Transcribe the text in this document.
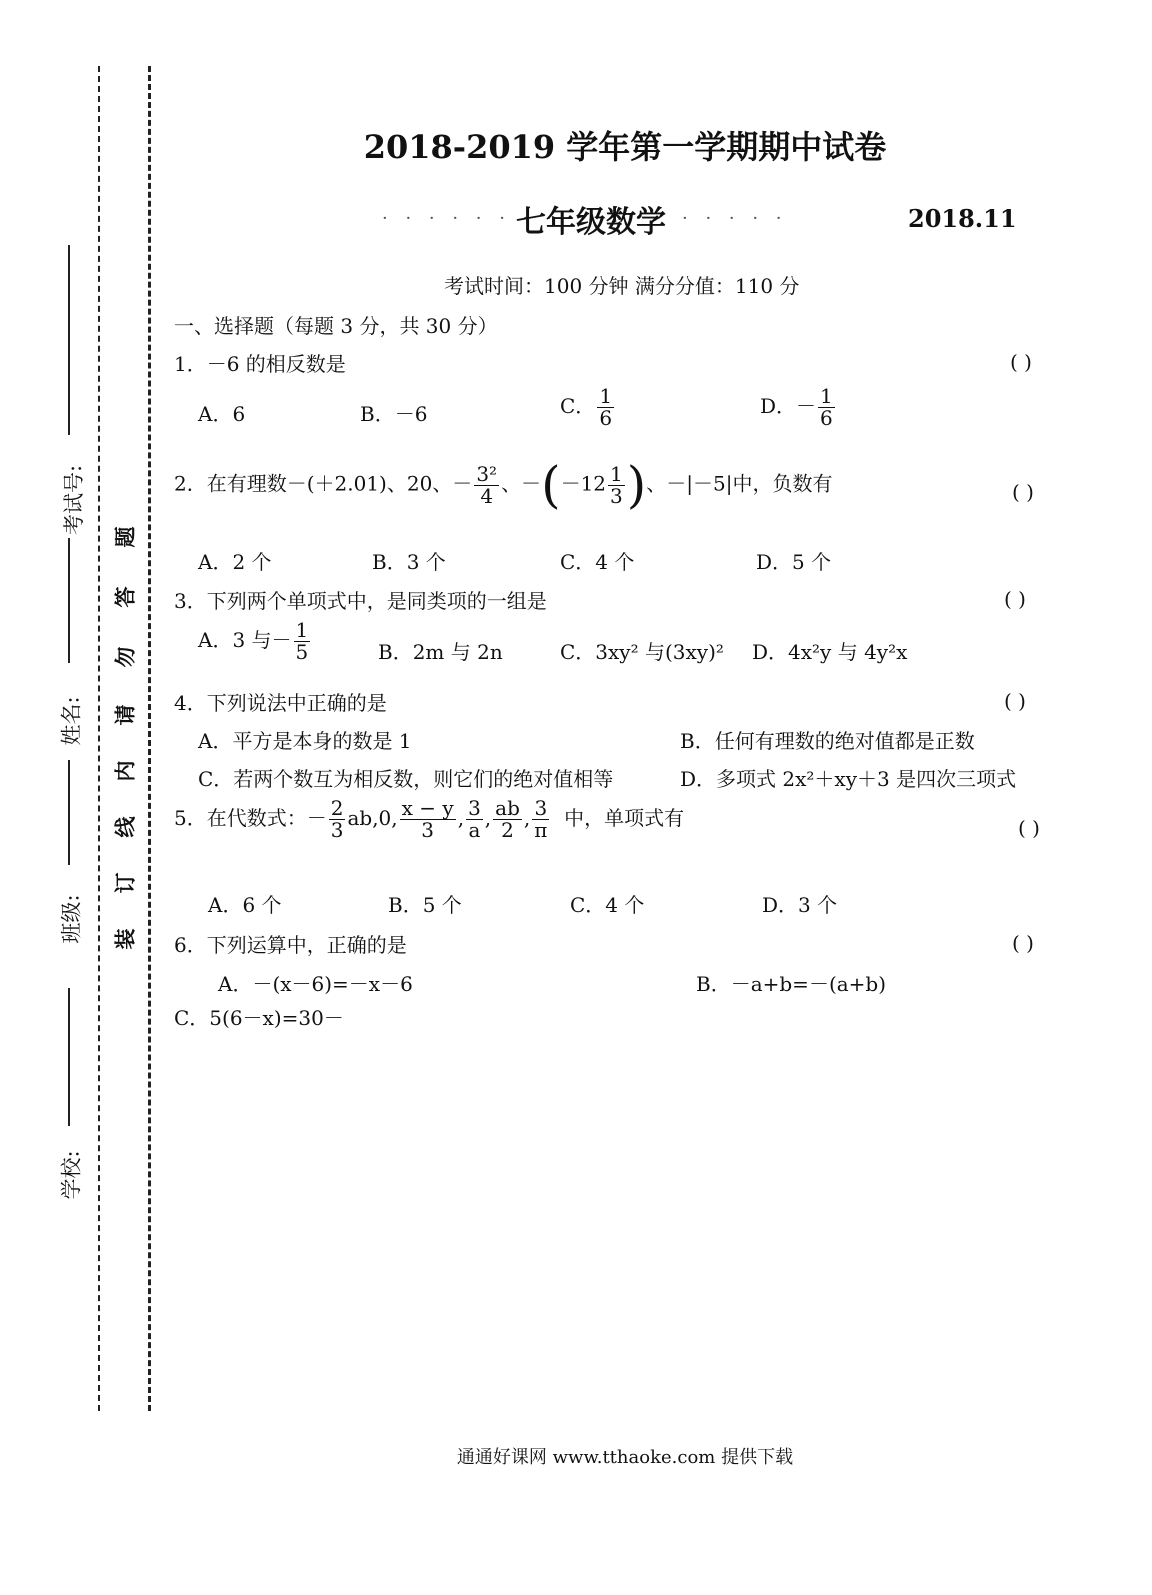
考试号:
姓名:
班级:
学校:
题
答
勿
请
内
线
订
装
2018-2019 学年第一学期期中试卷
· · · · · · · ·
七年级数学 · · · · ·	2018.11
考试时间：100 分钟 满分分值：110 分
一、选择题（每题 3 分，共 30 分）
1．－6 的相反数是	( )
A．6	B．－6	C． $\frac{1}{6}$	D．－ $\frac{1}{6}$
2．在有理数－(＋2.01)、20、－ $\frac{\text{3²}}{4}$ 、$-(-12 \frac{1}{3}$ )、－|－5|中，负数有	( )
A．2 个	B．3 个	C．4 个	D．5 个
3．下列两个单项式中，是同类项的一组是	( )
A．3 与－ $\frac{1}{5}$	B．2m 与 2n	C．3xy² 与(3xy)² D．4x²y 与 4y²x
4．下列说法中正确的是	( )
A．平方是本身的数是 1	B．任何有理数的绝对值都是正数
C．若两个数互为相反数，则它们的绝对值相等	D．多项式 2x²＋xy＋3 是四次三项式
5．在代数式：－ $\frac{2}{3} ab,0$, $\frac{x - y}{3}$ , $\frac{3}{a}$ , $\frac{ab}{2}$ , $\frac{3}{\pi}$ 中，单项式有	( )
A．6 个	B．5 个	C．4 个	D．3 个
6．下列运算中，正确的是	( )
A．－(x－6)=－x－6	B．－a+b=－(a+b)
C．5(6－x)=30－
通通好课网 www.tthaoke.com 提供下载
